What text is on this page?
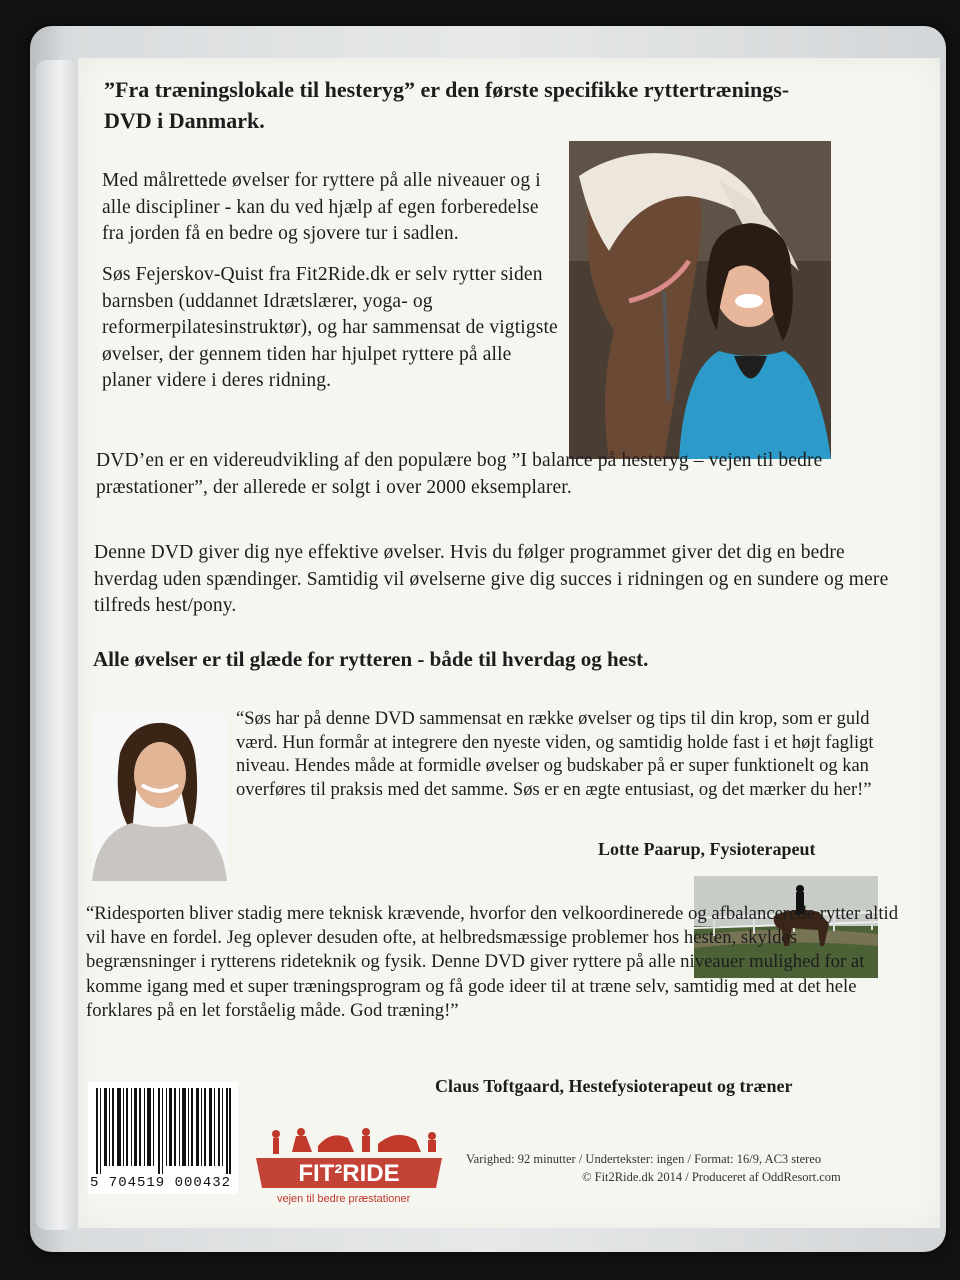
”Fra træningslokale til hesteryg” er den første specifikke ryttertrænings-DVD i Danmark.

Med målrettede øvelser for ryttere på alle niveauer og i alle discipliner - kan du ved hjælp af egen forberedelse fra jorden få en bedre og sjovere tur i sadlen.

Søs Fejerskov-Quist fra Fit2Ride.dk er selv rytter siden barnsben (uddannet Idrætslærer, yoga- og reformerpilatesinstruktør), og har sammensat de vigtigste øvelser, der gennem tiden har hjulpet ryttere på alle planer videre i deres ridning.

DVD’en er en videreudvikling af den populære bog ”I balance på hesteryg – vejen til bedre præstationer”, der allerede er solgt i over 2000 eksemplarer.

Denne DVD giver dig nye effektive øvelser. Hvis du følger programmet giver det dig en bedre hverdag uden spændinger. Samtidig vil øvelserne give dig succes i ridningen og en sundere og mere tilfreds hest/pony.

Alle øvelser er til glæde for rytteren - både til hverdag og hest.

“Søs har på denne DVD sammensat en række øvelser og tips til din krop, som er guld værd. Hun formår at integrere den nyeste viden, og samtidig holde fast i et højt fagligt niveau. Hendes måde at formidle øvelser og budskaber på er super funktionelt og kan overføres til praksis med det samme. Søs er en ægte entusiast, og det mærker du her!”

Lotte Paarup, Fysioterapeut

“Ridesporten bliver stadig mere teknisk krævende, hvorfor den velkoordinerede og afbalancerede rytter altid vil have en fordel. Jeg oplever desuden ofte, at helbredsmæssige problemer hos hesten, skyldes begrænsninger i rytterens rideteknik og fysik. Denne DVD giver ryttere på alle niveauer mulighed for at komme igang med et super træningsprogram og få gode ideer til at træne selv, samtidig med at det hele forklares på en let forståelig måde. God træning!”

Claus Toftgaard, Hestefysioterapeut og træner
5 704519 000432	FIT²RIDE
vejen til bedre præstationer
Varighed: 92 minutter / Undertekster: ingen / Format: 16/9, AC3 stereo
© Fit2Ride.dk 2014 / Produceret af OddResort.com
